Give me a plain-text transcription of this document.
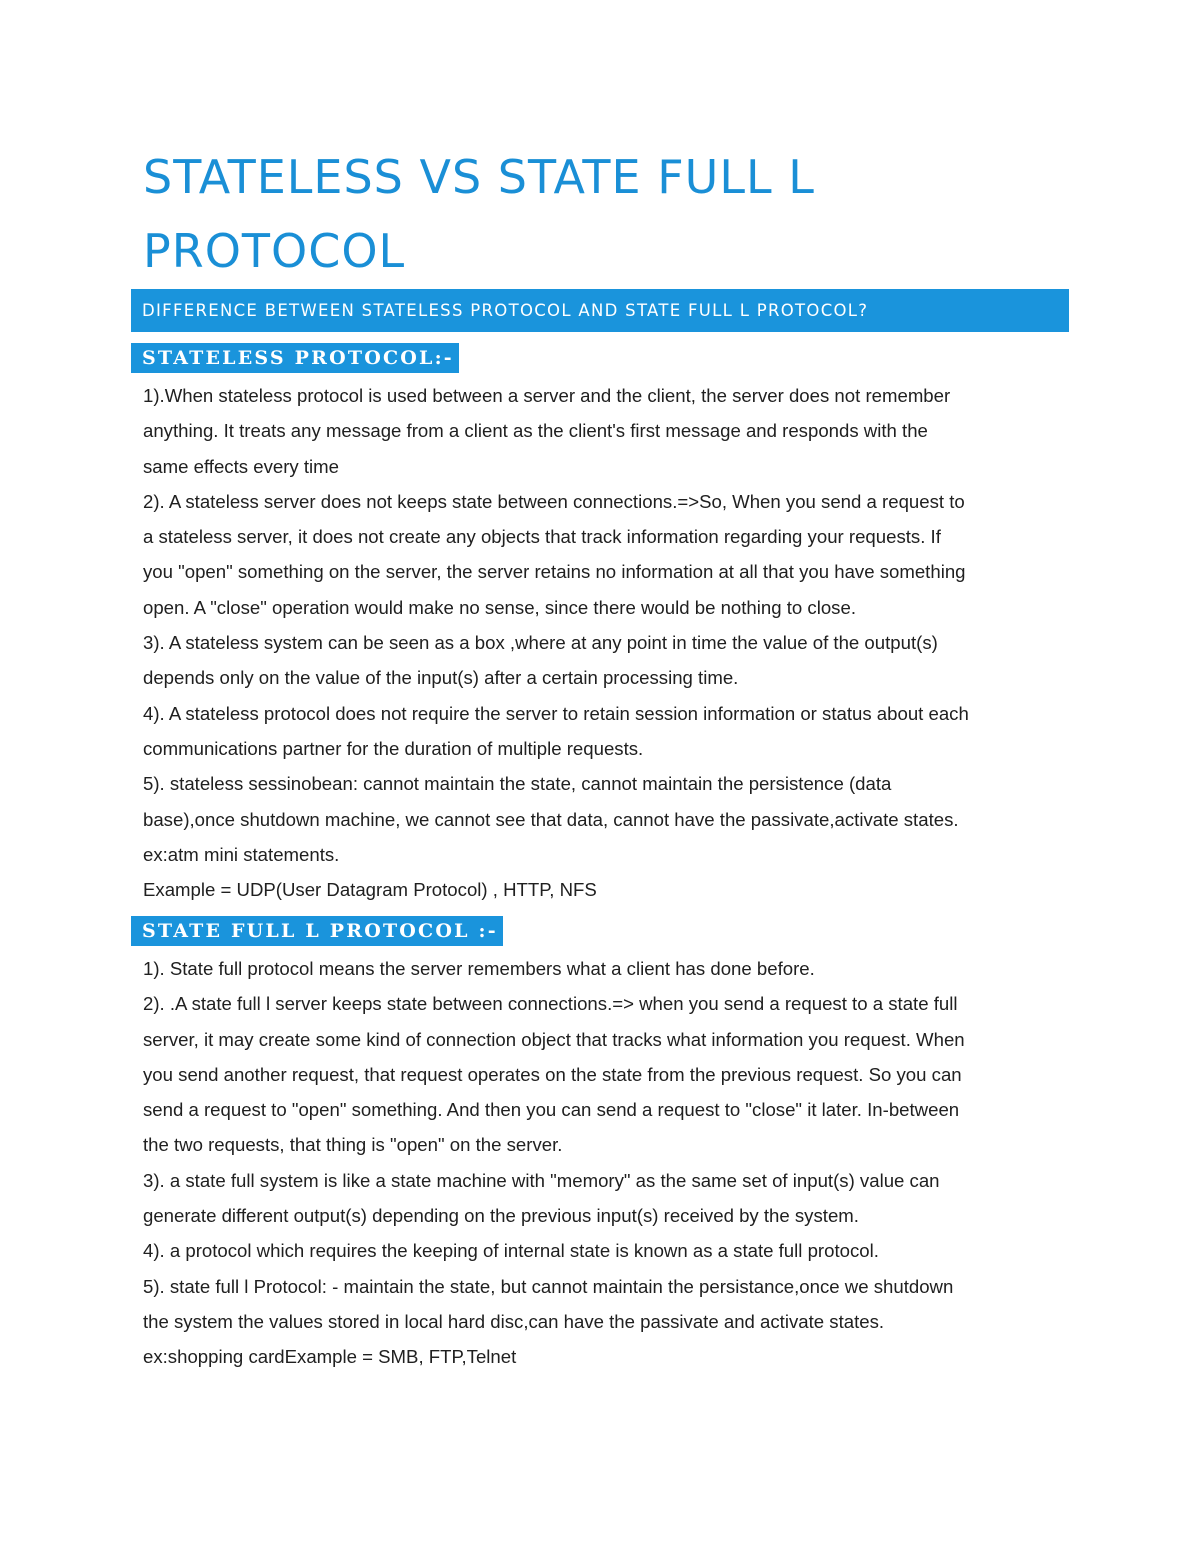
STATELESS VS STATE FULL L
PROTOCOL
DIFFERENCE BETWEEN STATELESS PROTOCOL AND STATE FULL L PROTOCOL?
STATELESS PROTOCOL:-
1).When stateless protocol is used between a server and the client, the server does not remember
anything. It treats any message from a client as the client's first message and responds with the
same effects every time
2). A stateless server does not keeps state between connections.=>So, When you send a request to
a stateless server, it does not create any objects that track information regarding your requests. If
you "open" something on the server, the server retains no information at all that you have something
open. A "close" operation would make no sense, since there would be nothing to close.
3). A stateless system can be seen as a box ,where at any point in time the value of the output(s)
depends only on the value of the input(s) after a certain processing time.
4). A stateless protocol does not require the server to retain session information or status about each
communications partner for the duration of multiple requests.
5). stateless sessinobean: cannot maintain the state, cannot maintain the persistence (data
base),once shutdown machine, we cannot see that data, cannot have the passivate,activate states.
ex:atm mini statements.
Example = UDP(User Datagram Protocol) , HTTP, NFS
STATE FULL L PROTOCOL :-
1). State full protocol means the server remembers what a client has done before.
2). .A state full l server keeps state between connections.=> when you send a request to a state full
server, it may create some kind of connection object that tracks what information you request. When
you send another request, that request operates on the state from the previous request. So you can
send a request to "open" something. And then you can send a request to "close" it later. In-between
the two requests, that thing is "open" on the server.
3). a state full system is like a state machine with "memory" as the same set of input(s) value can
generate different output(s) depending on the previous input(s) received by the system.
4). a protocol which requires the keeping of internal state is known as a state full protocol.
5). state full l Protocol: - maintain the state, but cannot maintain the persistance,once we shutdown
the system the values stored in local hard disc,can have the passivate and activate states.
ex:shopping cardExample = SMB, FTP,Telnet
